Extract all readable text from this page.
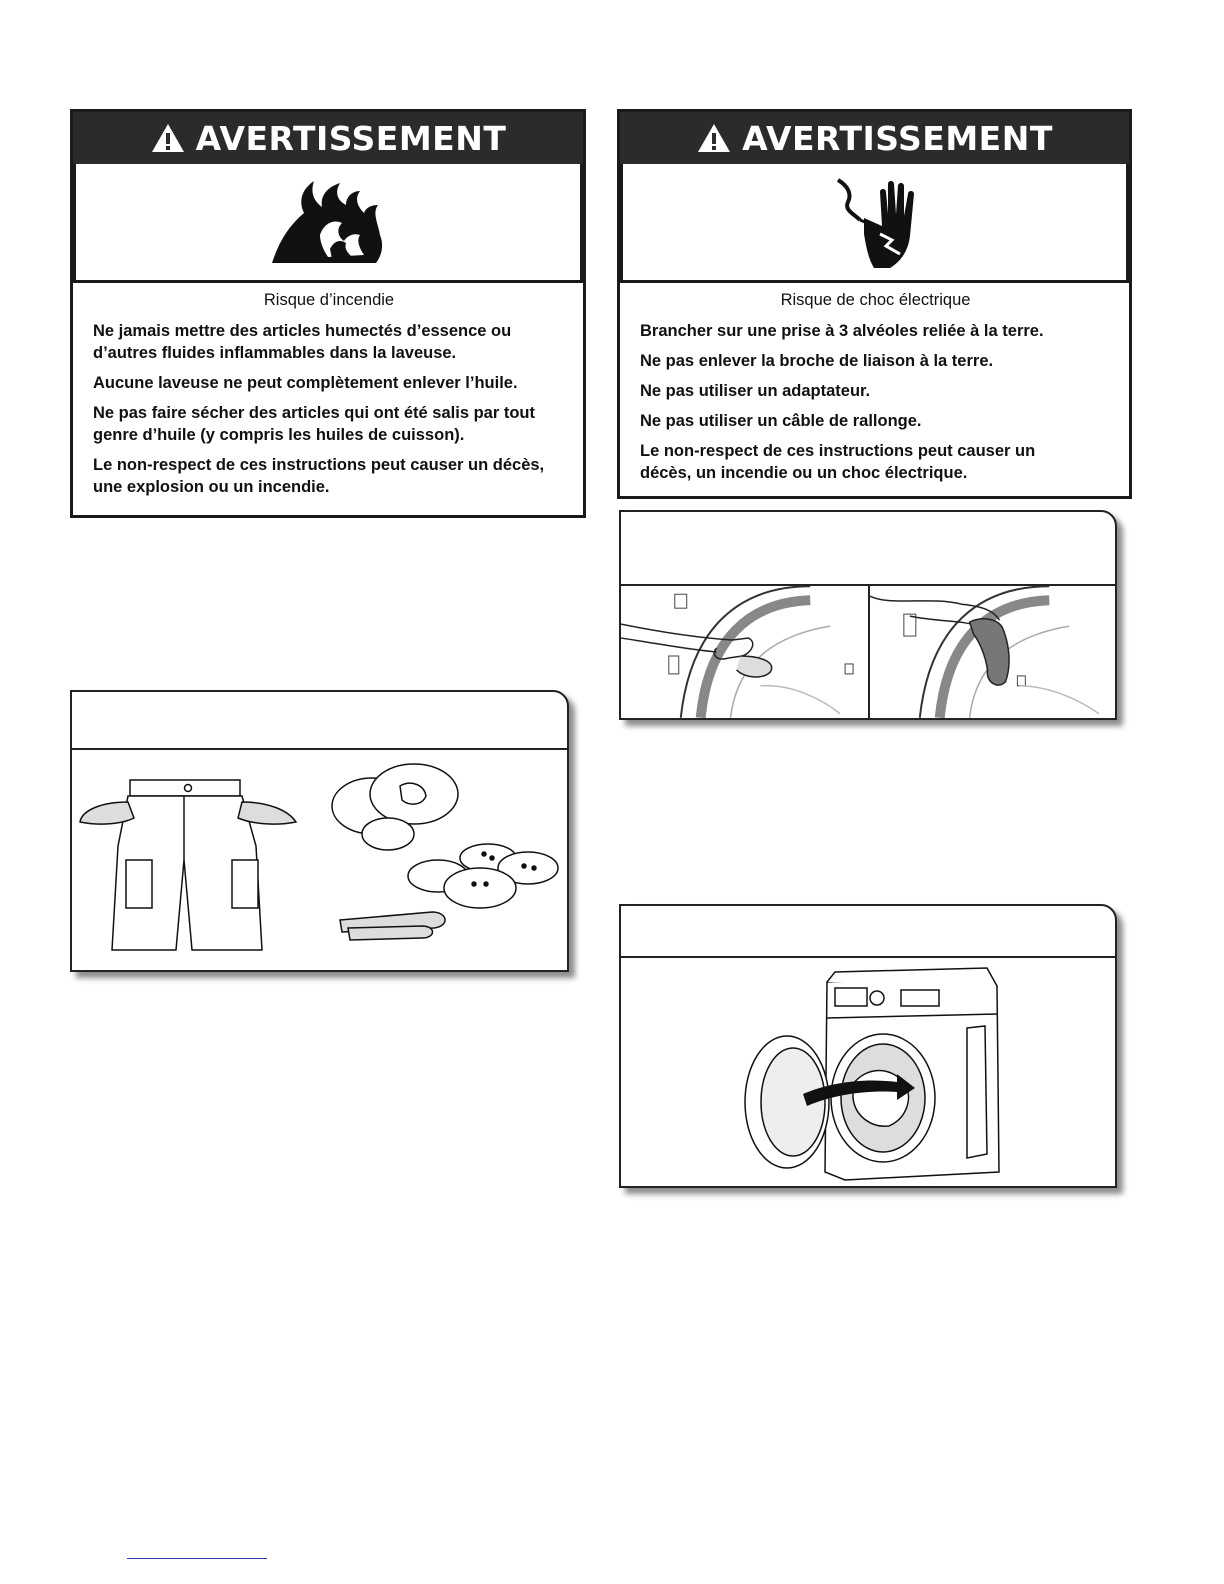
AVERTISSEMENT

Risque d’incendie

Ne jamais mettre des articles humectés d’essence ou d’autres fluides inflammables dans la laveuse.

Aucune laveuse ne peut complètement enlever l’huile.

Ne pas faire sécher des articles qui ont été salis par tout genre d’huile (y compris les huiles de cuisson).

Le non-respect de ces instructions peut causer un décès, une explosion ou un incendie.

AVERTISSEMENT

Risque de choc électrique

Brancher sur une prise à 3 alvéoles reliée à la terre.

Ne pas enlever la broche de liaison à la terre.

Ne pas utiliser un adaptateur.

Ne pas utiliser un câble de rallonge.

Le non-respect de ces instructions peut causer un décès, un incendie ou un choc électrique.
